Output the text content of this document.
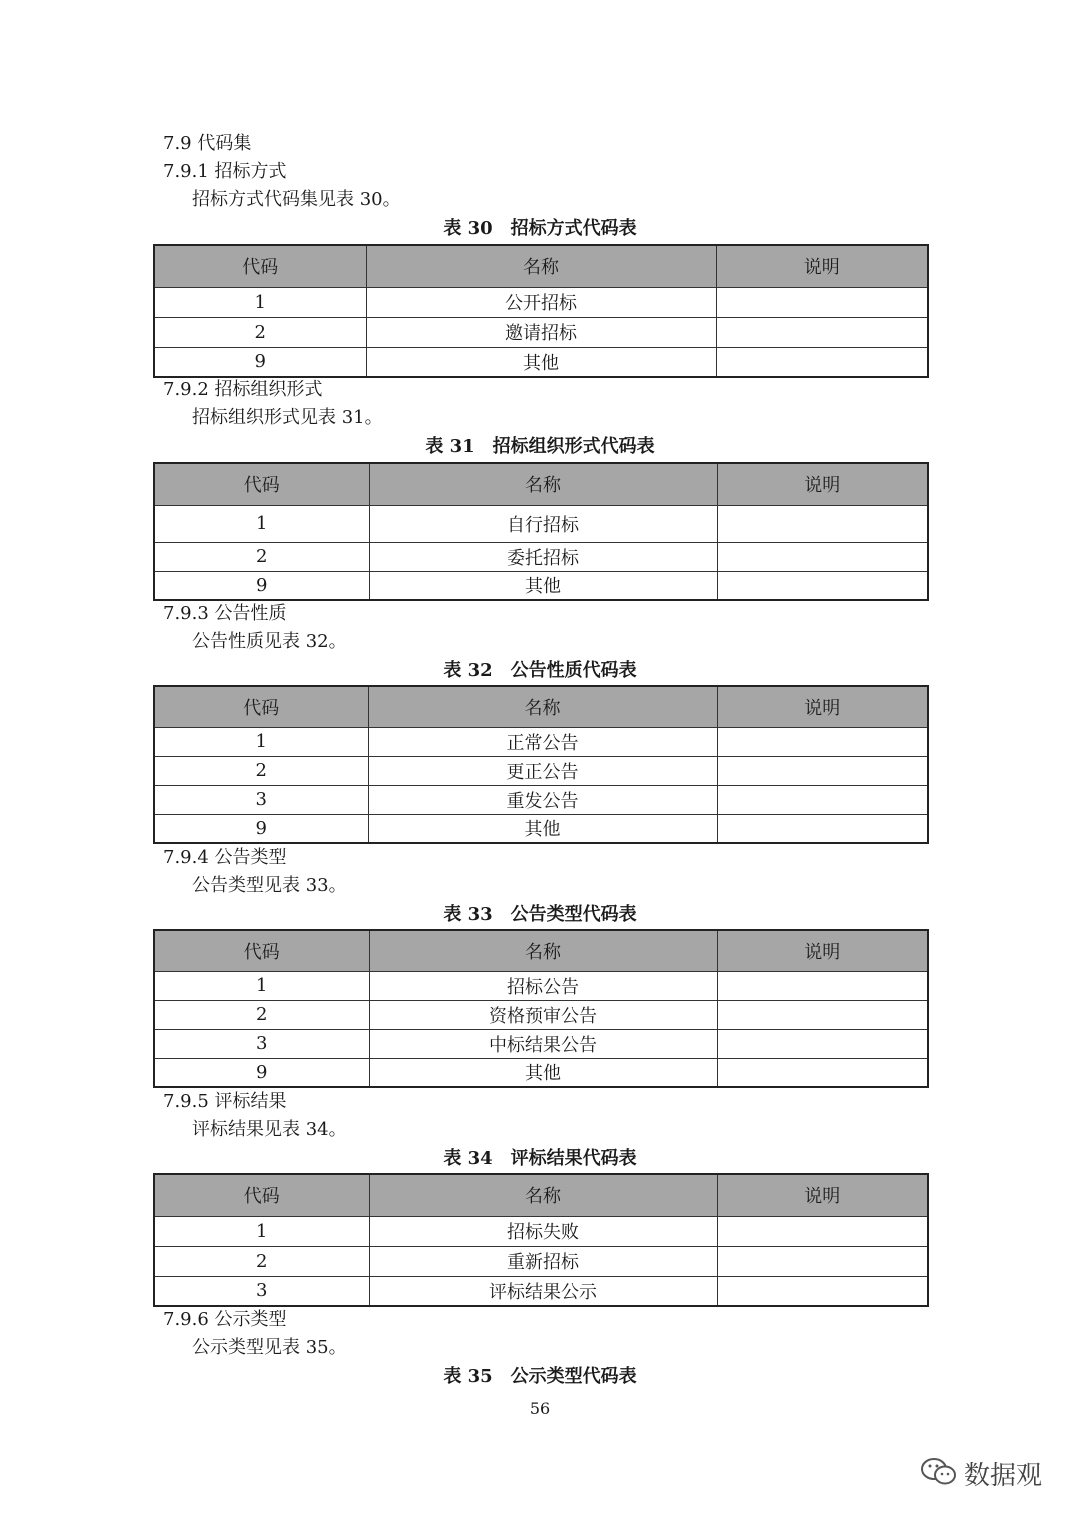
7.9 代码集
7.9.1 招标方式
招标方式代码集见表 30。
表 30　招标方式代码表
代码	名称	说明
1	公开招标	
2	邀请招标	
9	其他	
7.9.2 招标组织形式
招标组织形式见表 31。
表 31　招标组织形式代码表
代码	名称	说明
1	自行招标	
2	委托招标	
9	其他	
7.9.3 公告性质
公告性质见表 32。
表 32　公告性质代码表
代码	名称	说明
1	正常公告	
2	更正公告	
3	重发公告	
9	其他	
7.9.4 公告类型
公告类型见表 33。
表 33　公告类型代码表
代码	名称	说明
1	招标公告	
2	资格预审公告	
3	中标结果公告	
9	其他	
7.9.5 评标结果
评标结果见表 34。
表 34　评标结果代码表
代码	名称	说明
1	招标失败	
2	重新招标	
3	评标结果公示	
7.9.6 公示类型
公示类型见表 35。
表 35　公示类型代码表
56
数据观
